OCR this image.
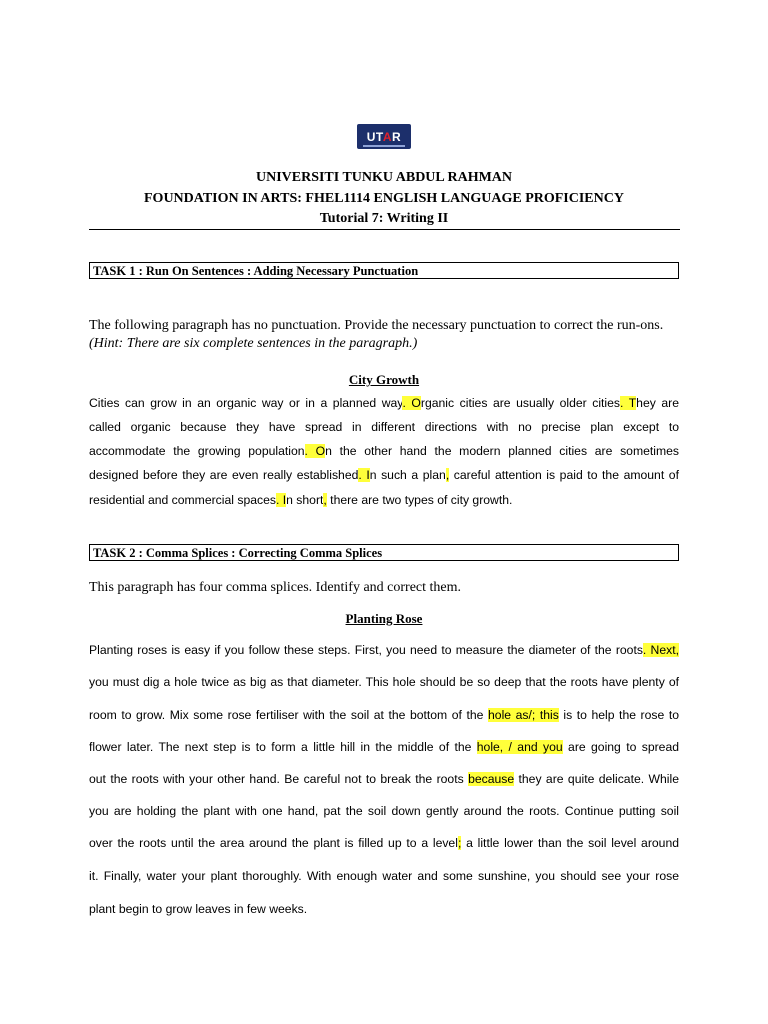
UTAR
UNIVERSITI TUNKU ABDUL RAHMAN
FOUNDATION IN ARTS: FHEL1114 ENGLISH LANGUAGE PROFICIENCY
Tutorial 7: Writing II
TASK 1 : Run On Sentences : Adding Necessary Punctuation
The following paragraph has no punctuation. Provide the necessary punctuation to correct the run-ons. (Hint: There are six complete sentences in the paragraph.)
City Growth
Cities can grow in an organic way or in a planned way. Organic cities are usually older cities. They are
called organic because they have spread in different directions with no precise plan except to
accommodate the growing population. On the other hand the modern planned cities are sometimes
designed before they are even really established. In such a plan, careful attention is paid to the amount of
residential and commercial spaces. In short, there are two types of city growth.
TASK 2 : Comma Splices : Correcting Comma Splices
This paragraph has four comma splices. Identify and correct them.
Planting Rose
Planting roses is easy if you follow these steps. First, you need to measure the diameter of the roots. Next,
you must dig a hole twice as big as that diameter. This hole should be so deep that the roots have plenty of
room to grow. Mix some rose fertiliser with the soil at the bottom of the hole as/; this is to help the rose to
flower later. The next step is to form a little hill in the middle of the hole, / and you are going to spread
out the roots with your other hand. Be careful not to break the roots because they are quite delicate. While
you are holding the plant with one hand, pat the soil down gently around the roots. Continue putting soil
over the roots until the area around the plant is filled up to a level; a little lower than the soil level around
it. Finally, water your plant thoroughly. With enough water and some sunshine, you should see your rose
plant begin to grow leaves in few weeks.
